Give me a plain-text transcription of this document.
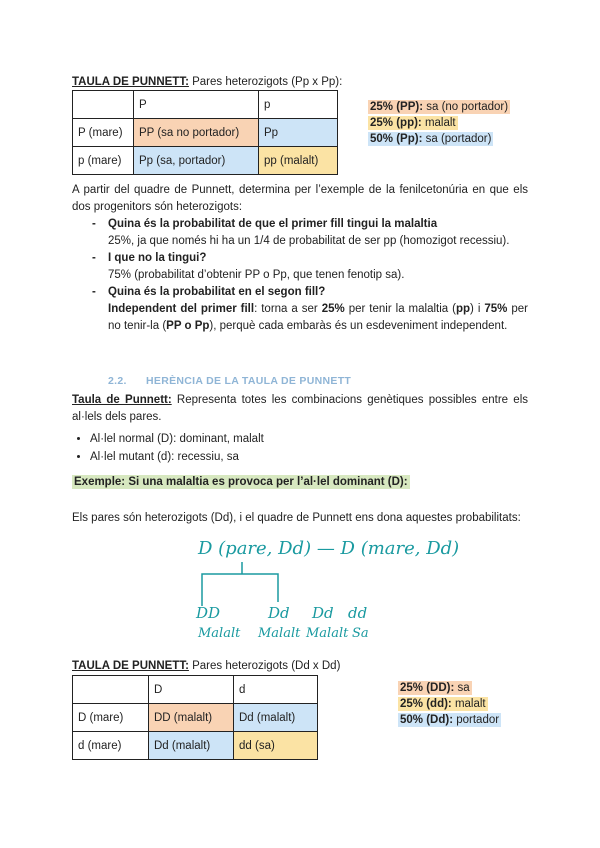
TAULA DE PUNNETT: Pares heterozigots (Pp x Pp):
	P	p
P (mare)	PP (sa no portador)	Pp
p (mare)	Pp (sa, portador)	pp (malalt)
25% (PP): sa (no portador)
25% (pp): malalt
50% (Pp): sa (portador)
A partir del quadre de Punnett, determina per l’exemple de la fenilcetonúria en que els dos progenitors són heterozigots:
- Quina és la probabilitat de que el primer fill tingui la malaltia
25%, ja que només hi ha un 1/4 de probabilitat de ser pp (homozigot recessiu).
- I que no la tingui?
75% (probabilitat d’obtenir PP o Pp, que tenen fenotip sa).
- Quina és la probabilitat en el segon fill?
Independent del primer fill: torna a ser 25% per tenir la malaltia (pp) i 75% per no tenir-la (PP o Pp), perquè cada embaràs és un esdeveniment independent.
2.2.      HERÈNCIA DE LA TAULA DE PUNNETT
Taula de Punnett: Representa totes les combinacions genètiques possibles entre els al·lels dels pares.
• Al·lel normal (D): dominant, malalt
• Al·lel mutant (d): recessiu, sa
Exemple: Si una malaltia es provoca per l’al·lel dominant (D):
Els pares són heterozigots (Dd), i el quadre de Punnett ens dona aquestes probabilitats:
D (pare, Dd) — D (mare, Dd)
DD	Dd Dd dd
Malalt Malalt Malalt Sa
TAULA DE PUNNETT: Pares heterozigots (Dd x Dd)
	D	d
D (mare)	DD (malalt)	Dd (malalt)
d (mare)	Dd (malalt)	dd (sa)
25% (DD): sa
25% (dd): malalt
50% (Dd): portador
